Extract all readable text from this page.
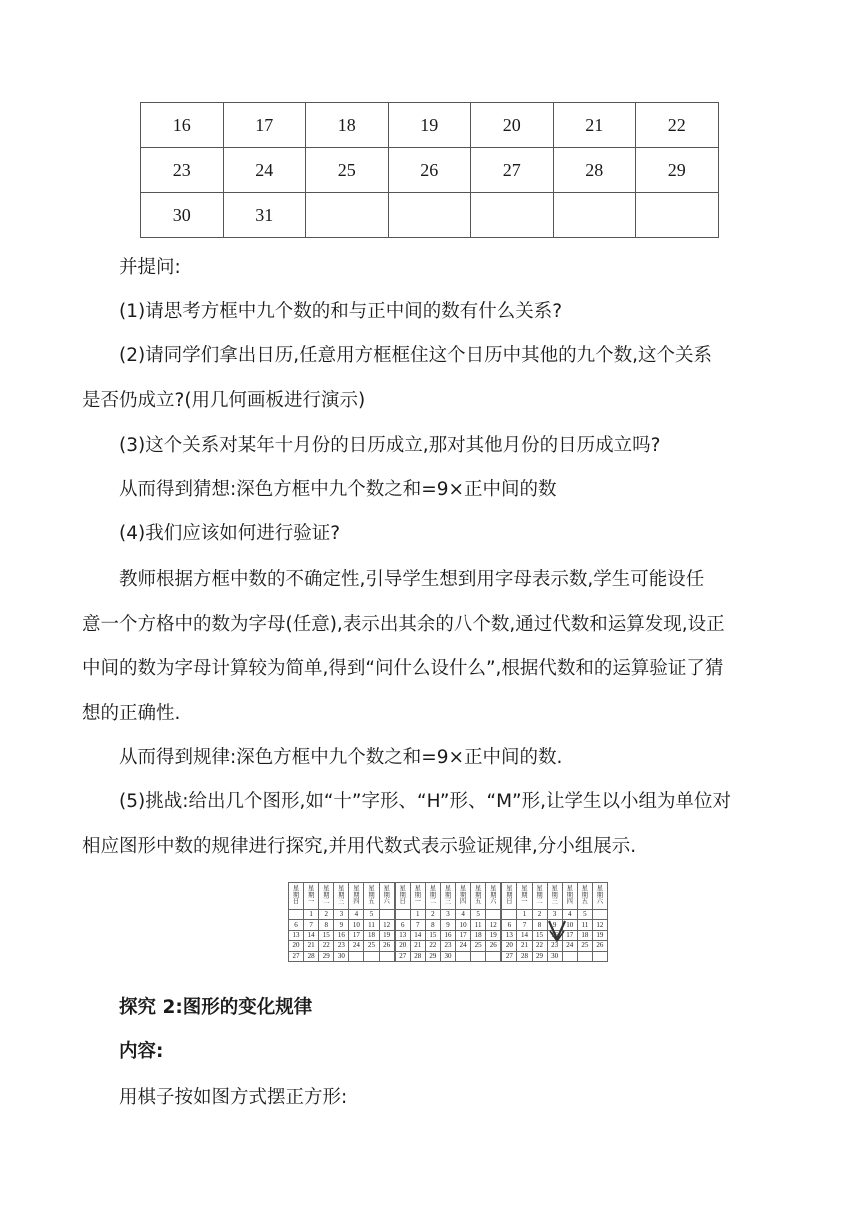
16	17	18	19	20	21	22
23	24	25	26	27	28	29
30	31					

并提问:

(1)请思考方框中九个数的和与正中间的数有什么关系?

(2)请同学们拿出日历,任意用方框框住这个日历中其他的九个数,这个关系
是否仍成立?(用几何画板进行演示)

(3)这个关系对某年十月份的日历成立,那对其他月份的日历成立吗?

从而得到猜想:深色方框中九个数之和=9×正中间的数

(4)我们应该如何进行验证?

教师根据方框中数的不确定性,引导学生想到用字母表示数,学生可能设任
意一个方格中的数为字母(任意),表示出其余的八个数,通过代数和运算发现,设正
中间的数为字母计算较为简单,得到“问什么设什么”,根据代数和的运算验证了猜
想的正确性.

从而得到规律:深色方框中九个数之和=9×正中间的数.

(5)挑战:给出几个图形,如“十”字形、“H”形、“M”形,让学生以小组为单位对
相应图形中数的规律进行探究,并用代数式表示验证规律,分小组展示.

星期日	星期一	星期二	星期三	星期四	星期五	星期六
	1	2	3	4	5	
6	7	8	9	10	11	12
13	14	15	16	17	18	19
20	21	22	23	24	25	26
27	28	29	30			
星期日	星期一	星期二	星期三	星期四	星期五	星期六
	1	2	3	4	5	
6	7	8	9	10	11	12
13	14	15	16	17	18	19
20	21	22	23	24	25	26
27	28	29	30			
星期日	星期一	星期二	星期三	星期四	星期五	星期六
	1	2	3	4	5	
6	7	8	9	10	11	12
13	14	15	16	17	18	19
20	21	22	23	24	25	26
27	28	29	30			

探究 2:图形的变化规律

内容:

用棋子按如图方式摆正方形:
